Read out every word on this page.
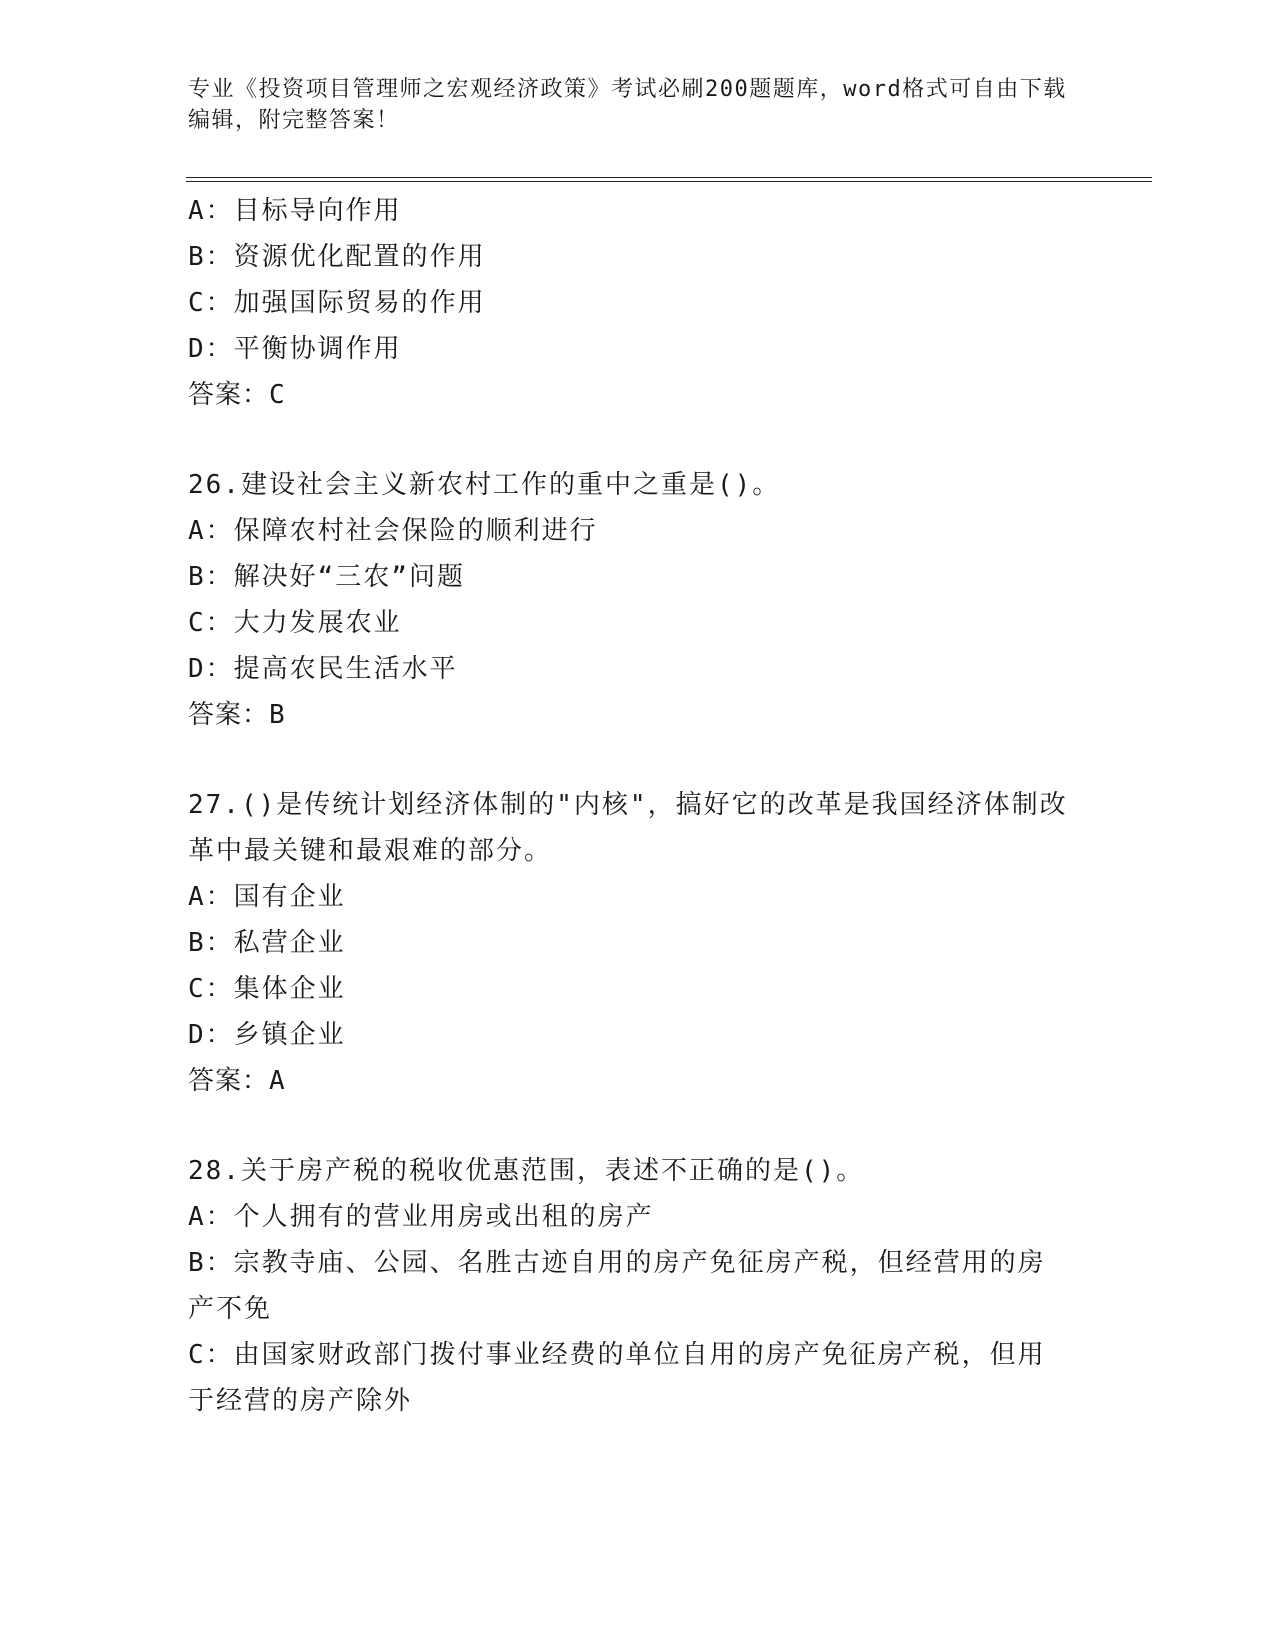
专业《投资项目管理师之宏观经济政策》考试必刷200题题库，word格式可自由下载编辑，附完整答案！

A：目标导向作用

B：资源优化配置的作用

C：加强国际贸易的作用

D：平衡协调作用

答案：C

26.建设社会主义新农村工作的重中之重是()。

A：保障农村社会保险的顺利进行

B：解决好“三农”问题

C：大力发展农业

D：提高农民生活水平

答案：B

27.()是传统计划经济体制的"内核"，搞好它的改革是我国经济体制改革中最关键和最艰难的部分。

A：国有企业

B：私营企业

C：集体企业

D：乡镇企业

答案：A

28.关于房产税的税收优惠范围，表述不正确的是()。

A：个人拥有的营业用房或出租的房产

B：宗教寺庙、公园、名胜古迹自用的房产免征房产税，但经营用的房产不免

C：由国家财政部门拨付事业经费的单位自用的房产免征房产税，但用于经营的房产除外
